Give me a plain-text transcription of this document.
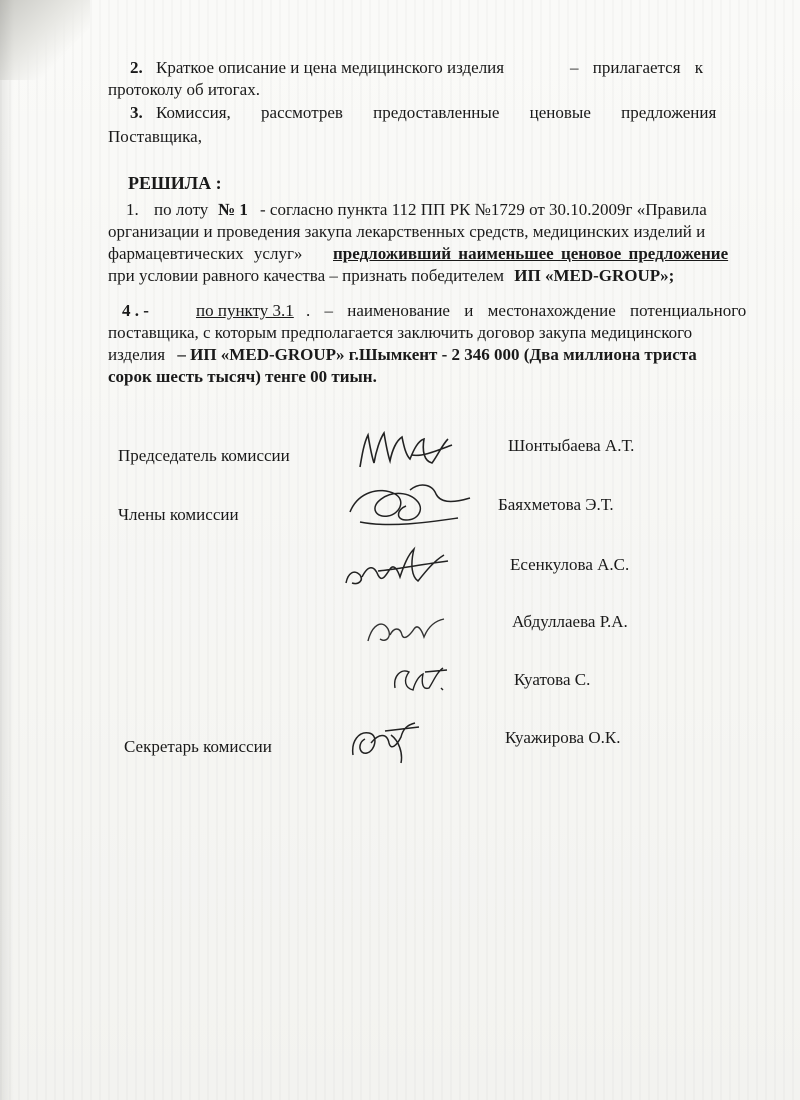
2. Краткое описание и цена медицинского изделия	– прилагается к
протоколу об итогах.
3. Комиссия, рассмотрев предоставленные ценовые предложения
Поставщика,
РЕШИЛА :
1. по лоту № 1 - согласно пункта 112 ПП РК №1729 от 30.10.2009г «Правила
организации и проведения закупа лекарственных средств, медицинских изделий и
фармацевтических услуг» предложивший наименьшее ценовое предложение
при условии равного качества – признать победителем ИП «MED-GROUP»;
4 . -	по пункту 3.1 . – наименование и местонахождение потенциального
поставщика, с которым предполагается заключить договор закупа медицинского
изделия – ИП «MED-GROUP» г.Шымкент - 2 346 000 (Два миллиона триста
сорок шесть тысяч) тенге 00 тиын.
Председатель комиссии
Члены комиссии
Секретарь комиссии
Шонтыбаева А.Т.
Баяхметова Э.Т.
Есенкулова А.С.
Абдуллаева Р.А.
Куатова С.
Куажирова О.К.
